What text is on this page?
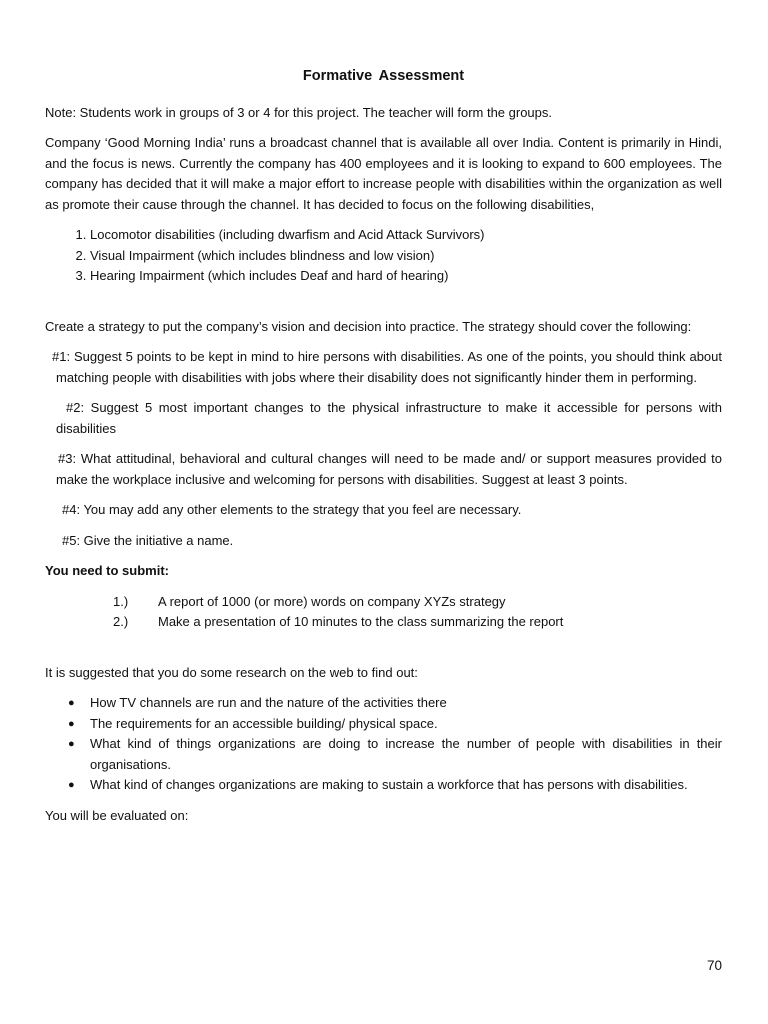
Formative Assessment

Note: Students work in groups of 3 or 4 for this project. The teacher will form the groups.

Company ‘Good Morning India’ runs a broadcast channel that is available all over India. Content is primarily in Hindi, and the focus is news. Currently the company has 400 employees and it is looking to expand to 600 employees. The company has decided that it will make a major effort to increase people with disabilities within the organization as well as promote their cause through the channel. It has decided to focus on the following disabilities,

1. Locomotor disabilities (including dwarfism and Acid Attack Survivors)
2. Visual Impairment (which includes blindness and low vision)
3. Hearing Impairment (which includes Deaf and hard of hearing)

Create a strategy to put the company’s vision and decision into practice. The strategy should cover the following:

#1: Suggest 5 points to be kept in mind to hire persons with disabilities. As one of the points, you should think about matching people with disabilities with jobs where their disability does not significantly hinder them in performing.
#2: Suggest 5 most important changes to the physical infrastructure to make it accessible for persons with disabilities
#3: What attitudinal, behavioral and cultural changes will need to be made and/ or support measures provided to make the workplace inclusive and welcoming for persons with disabilities. Suggest at least 3 points.
#4: You may add any other elements to the strategy that you feel are necessary.
#5: Give the initiative a name.
You need to submit:
1.)	A report of 1000 (or more) words on company XYZs strategy
2.)	Make a presentation of 10 minutes to the class summarizing the report

It is suggested that you do some research on the web to find out:

● How TV channels are run and the nature of the activities there
● The requirements for an accessible building/ physical space.
● What kind of things organizations are doing to increase the number of people with disabilities in their organisations.
● What kind of changes organizations are making to sustain a workforce that has persons with disabilities.

You will be evaluated on:

70
